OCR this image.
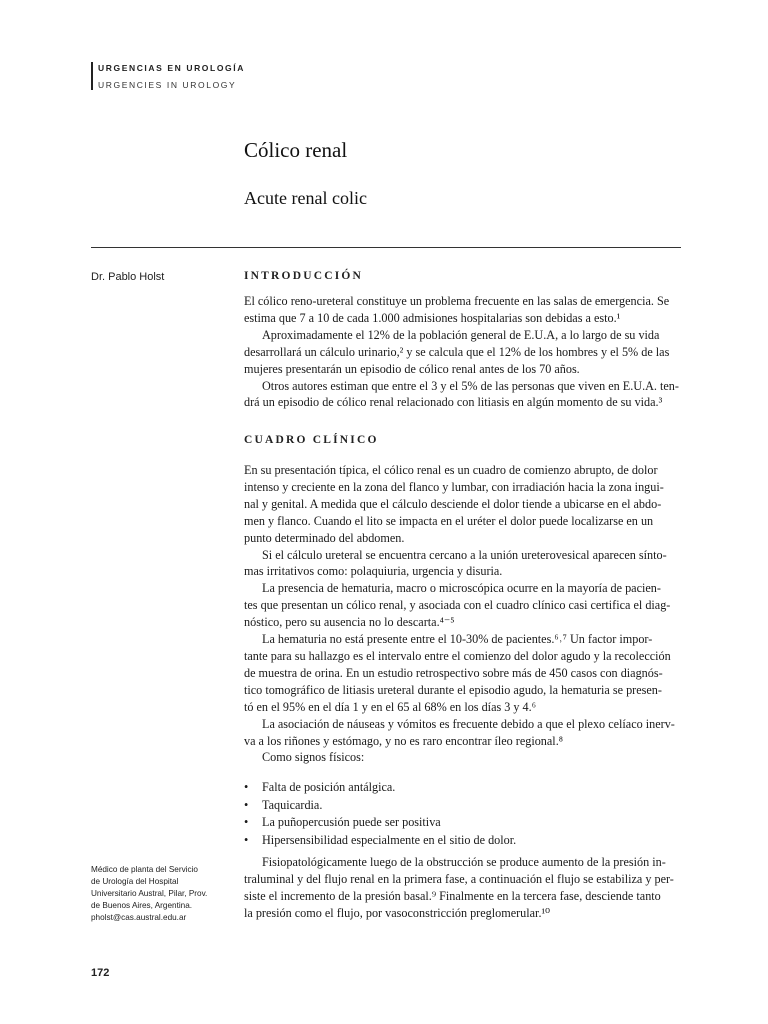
URGENCIAS EN UROLOGÍA
URGENCIES IN UROLOGY
Cólico renal
Acute renal colic
Dr. Pablo Holst	INTRODUCCIÓN
El cólico reno-ureteral constituye un problema frecuente en las salas de emergencia. Se
estima que 7 a 10 de cada 1.000 admisiones hospitalarias son debidas a esto.¹
Aproximadamente el 12% de la población general de E.U.A, a lo largo de su vida
desarrollará un cálculo urinario,² y se calcula que el 12% de los hombres y el 5% de las
mujeres presentarán un episodio de cólico renal antes de los 70 años.
Otros autores estiman que entre el 3 y el 5% de las personas que viven en E.U.A. ten-
drá un episodio de cólico renal relacionado con litiasis en algún momento de su vida.³
CUADRO CLÍNICO
En su presentación típica, el cólico renal es un cuadro de comienzo abrupto, de dolor
intenso y creciente en la zona del flanco y lumbar, con irradiación hacia la zona ingui-
nal y genital. A medida que el cálculo desciende el dolor tiende a ubicarse en el abdo-
men y flanco. Cuando el lito se impacta en el uréter el dolor puede localizarse en un
punto determinado del abdomen.
Si el cálculo ureteral se encuentra cercano a la unión ureterovesical aparecen sínto-
mas irritativos como: polaquiuria, urgencia y disuria.
La presencia de hematuria, macro o microscópica ocurre en la mayoría de pacien-
tes que presentan un cólico renal, y asociada con el cuadro clínico casi certifica el diag-
nóstico, pero su ausencia no lo descarta.⁴⁻⁵
La hematuria no está presente entre el 10-30% de pacientes.⁶˒⁷ Un factor impor-
tante para su hallazgo es el intervalo entre el comienzo del dolor agudo y la recolección
de muestra de orina. En un estudio retrospectivo sobre más de 450 casos con diagnós-
tico tomográfico de litiasis ureteral durante el episodio agudo, la hematuria se presen-
tó en el 95% en el día 1 y en el 65 al 68% en los días 3 y 4.⁶
La asociación de náuseas y vómitos es frecuente debido a que el plexo celíaco inerv-
va a los riñones y estómago, y no es raro encontrar íleo regional.⁸
Como signos físicos:
• Falta de posición antálgica.
• Taquicardia.
• La puñopercusión puede ser positiva
• Hipersensibilidad especialmente en el sitio de dolor.
Fisiopatológicamente luego de la obstrucción se produce aumento de la presión in-
traluminal y del flujo renal en la primera fase, a continuación el flujo se estabiliza y per-
siste el incremento de la presión basal.⁹ Finalmente en la tercera fase, desciende tanto
la presión como el flujo, por vasoconstricción preglomerular.¹⁰
Médico de planta del Servicio
de Urología del Hospital
Universitario Austral, Pilar, Prov.
de Buenos Aires, Argentina.
pholst@cas.austral.edu.ar
172
